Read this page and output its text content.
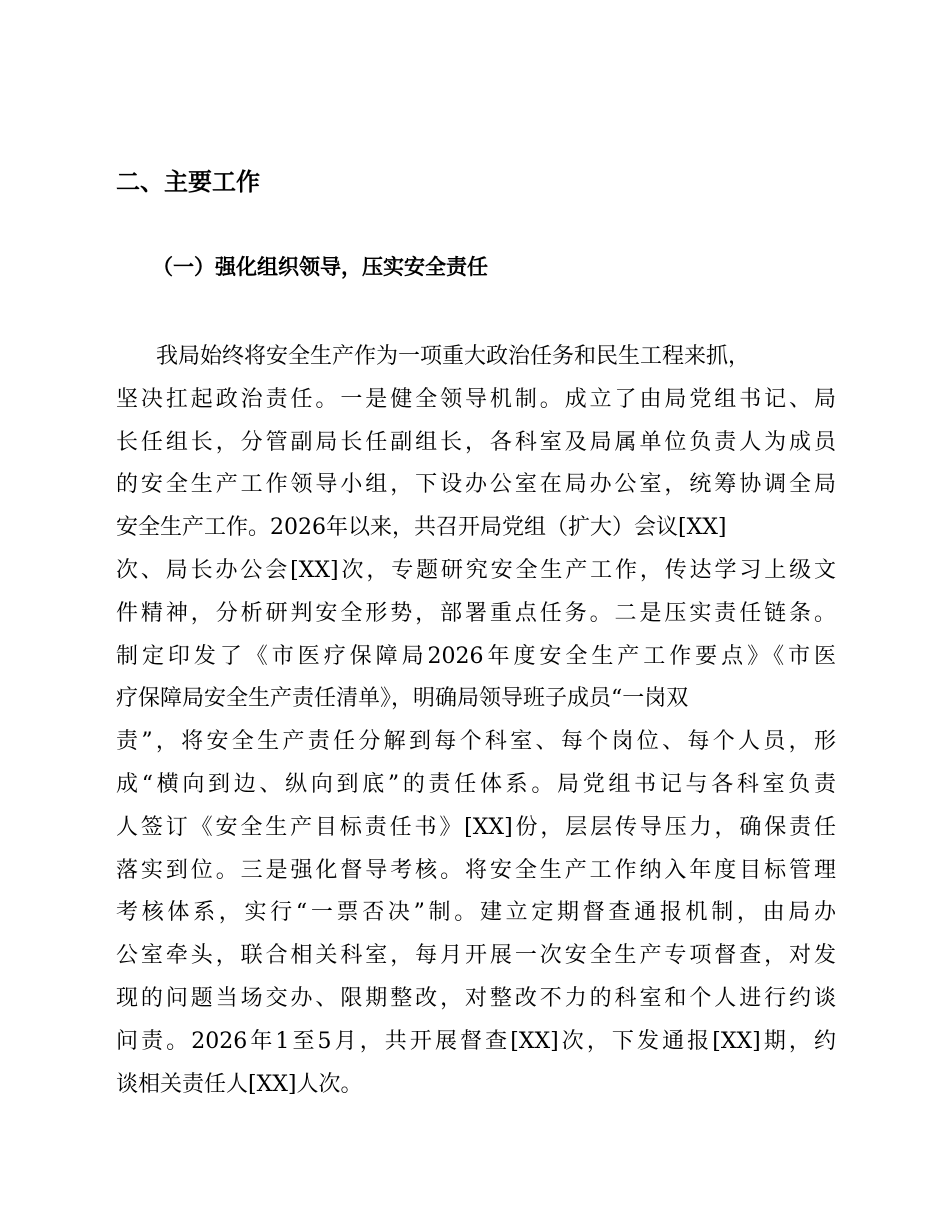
二、主要工作
（一）强化组织领导，压实安全责任
我局始终将安全生产作为一项重大政治任务和民生工程来抓，
坚决扛起政治责任。一是健全领导机制。成立了由局党组书记、局
长任组长，分管副局长任副组长，各科室及局属单位负责人为成员
的安全生产工作领导小组，下设办公室在局办公室，统筹协调全局
安全生产工作。2026年以来，共召开局党组（扩大）会议[XX]
次、局长办公会[XX]次，专题研究安全生产工作，传达学习上级文
件精神，分析研判安全形势，部署重点任务。二是压实责任链条。
制定印发了《市医疗保障局2026年度安全生产工作要点》《市医
疗保障局安全生产责任清单》，明确局领导班子成员“一岗双
责”，将安全生产责任分解到每个科室、每个岗位、每个人员，形
成“横向到边、纵向到底”的责任体系。局党组书记与各科室负责
人签订《安全生产目标责任书》[XX]份，层层传导压力，确保责任
落实到位。三是强化督导考核。将安全生产工作纳入年度目标管理
考核体系，实行“一票否决”制。建立定期督查通报机制，由局办
公室牵头，联合相关科室，每月开展一次安全生产专项督查，对发
现的问题当场交办、限期整改，对整改不力的科室和个人进行约谈
问责。2026年1至5月，共开展督查[XX]次，下发通报[XX]期，约
谈相关责任人[XX]人次。
